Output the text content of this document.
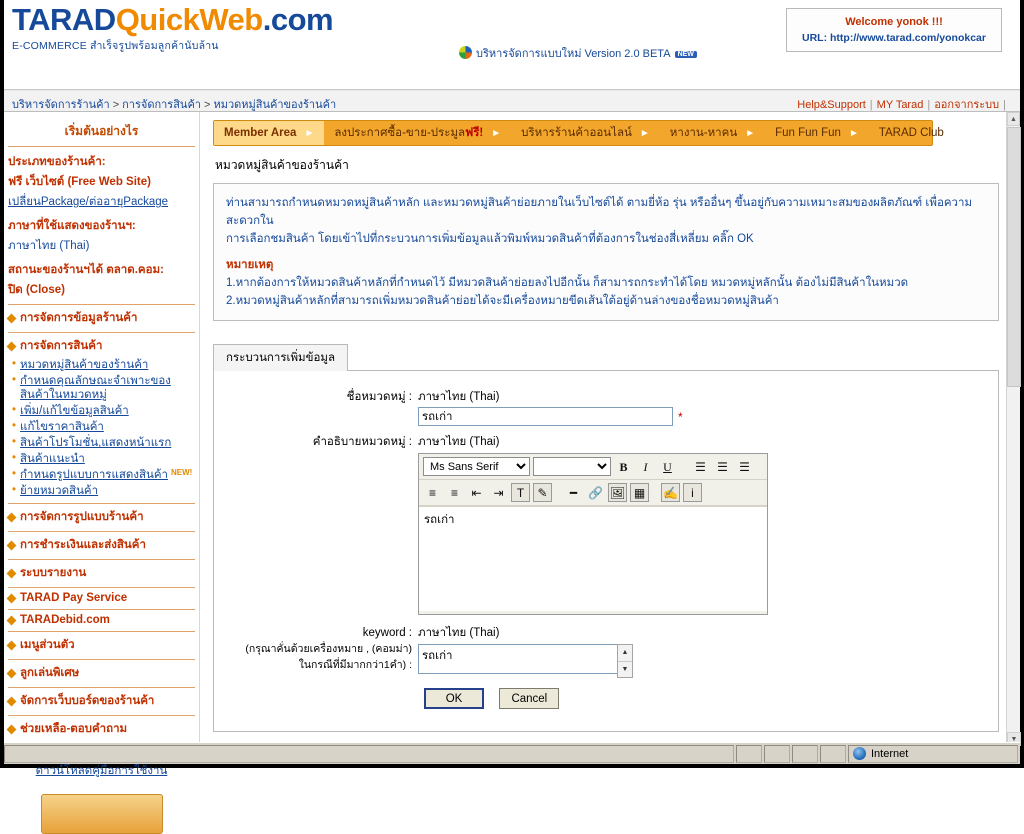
TARADQuickWeb.com
E-COMMERCE สำเร็จรูปพร้อมลูกค้านับล้าน
บริหารจัดการแบบใหม่ Version 2.0 BETA NEW
Welcome yonok !!!
URL: http://www.tarad.com/yonokcar
บริหารจัดการร้านค้า > การจัดการสินค้า > หมวดหมู่สินค้าของร้านค้า	Help&Support | MY Tarad | ออกจากระบบ |
เริ่มต้นอย่างไร
ประเภทของร้านค้า:
ฟรี เว็บไซต์ (Free Web Site)
เปลี่ยนPackage/ต่ออายุPackage
ภาษาที่ใช้แสดงของร้านฯ:
ภาษาไทย (Thai)
สถานะของร้านฯได้ ตลาด.คอม:
ปิด (Close)
การจัดการข้อมูลร้านค้า
การจัดการสินค้า
• หมวดหมู่สินค้าของร้านค้า
• กำหนดคุณลักษณะจำเพาะของสินค้าในหมวดหมู่
• เพิ่ม/แก้ไขข้อมูลสินค้า
• แก้ไขราคาสินค้า
• สินค้าโปรโมชั่น,แสดงหน้าแรก
• สินค้าแนะนำ
• กำหนดรูปแบบการแสดงสินค้า NEW!
• ย้ายหมวดสินค้า
การจัดการรูปแบบร้านค้า
การชำระเงินและส่งสินค้า
ระบบรายงาน
TARAD Pay Service
TARADebid.com
เมนูส่วนตัว
ลูกเล่นพิเศษ
จัดการเว็บบอร์ดของร้านค้า
ช่วยเหลือ-ตอบคำถาม
ดาวน์โหลดคู่มือการใช้งาน
Member Area ► ลงประกาศซื้อ-ขาย-ประมูล ฟรี! ► บริหารร้านค้าออนไลน์ ► หางาน-หาคน ► Fun Fun Fun ► TARAD Club ►
หมวดหมู่สินค้าของร้านค้า
ท่านสามารถกำหนดหมวดหมู่สินค้าหลัก และหมวดหมู่สินค้าย่อยภายในเว็บไซต์ได้ ตามยี่ห้อ รุ่น หรืออื่นๆ ขึ้นอยู่กับความเหมาะสมของผลิตภัณฑ์ เพื่อความสะดวกใน
การเลือกชมสินค้า โดยเข้าไปที่กระบวนการเพิ่มข้อมูลแล้วพิมพ์หมวดสินค้าที่ต้องการในช่องสี่เหลี่ยม คลิ๊ก OK
หมายเหตุ
1.หากต้องการให้หมวดสินค้าหลักที่กำหนดไว้ มีหมวดสินค้าย่อยลงไปอีกนั้น ก็สามารถกระทำได้โดย หมวดหมู่หลักนั้น ต้องไม่มีสินค้าในหมวด
2.หมวดหมู่สินค้าหลักที่สามารถเพิ่มหมวดสินค้าย่อยได้จะมีเครื่องหมายขีดเส้นใต้อยู่ด้านล่างของชื่อหมวดหมู่สินค้า
กระบวนการเพิ่มข้อมูล
ชื่อหมวดหมู่ : ภาษาไทย (Thai)
รถเก่า
*
คำอธิบายหมวดหมู่ : ภาษาไทย (Thai)
Ms Sans Serif
B	I	U	☰ ☰ ☰
≡	≡	⇤ ⇥	T	✎	━ 🔗 🖼 ▦	✍	i
รถเก่า
keyword :
(กรุณาคั่นด้วยเครื่องหมาย , (คอมม่า)
ในกรณีที่มีมากกว่า1คำ) :
ภาษาไทย (Thai)
รถเก่า
▲
▼
OK	Cancel
▲
▼
Internet
